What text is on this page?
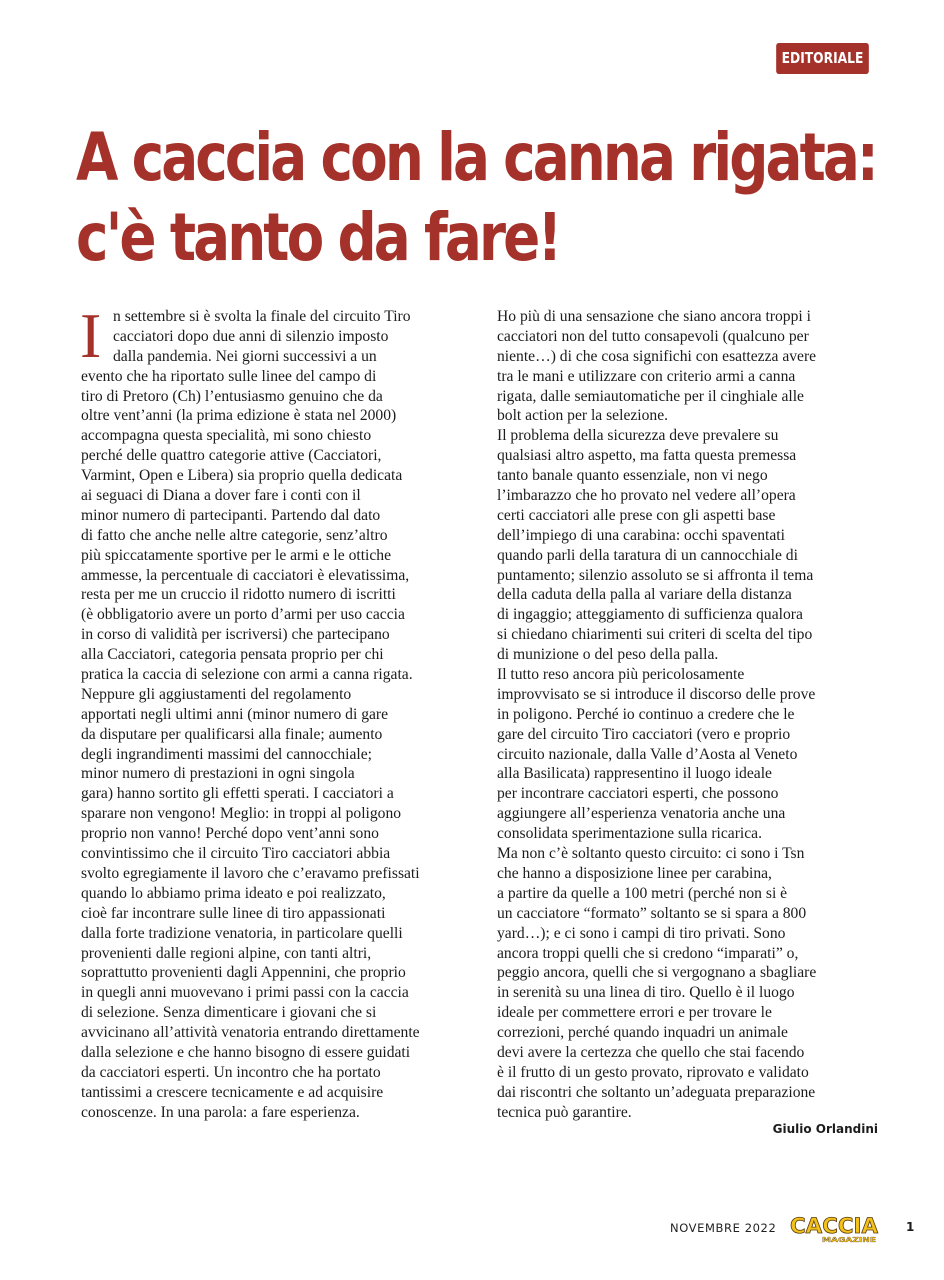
EDITORIALE
A caccia con la canna rigata:
c'è tanto da fare!
I n settembre si è svolta la finale del circuito Tiro
cacciatori dopo due anni di silenzio imposto
dalla pandemia. Nei giorni successivi a un
evento che ha riportato sulle linee del campo di
tiro di Pretoro (Ch) l’entusiasmo genuino che da
oltre vent’anni (la prima edizione è stata nel 2000)
accompagna questa specialità, mi sono chiesto
perché delle quattro categorie attive (Cacciatori,
Varmint, Open e Libera) sia proprio quella dedicata
ai seguaci di Diana a dover fare i conti con il
minor numero di partecipanti. Partendo dal dato
di fatto che anche nelle altre categorie, senz’altro
più spiccatamente sportive per le armi e le ottiche
ammesse, la percentuale di cacciatori è elevatissima,
resta per me un cruccio il ridotto numero di iscritti
(è obbligatorio avere un porto d’armi per uso caccia
in corso di validità per iscriversi) che partecipano
alla Cacciatori, categoria pensata proprio per chi
pratica la caccia di selezione con armi a canna rigata.
Neppure gli aggiustamenti del regolamento
apportati negli ultimi anni (minor numero di gare
da disputare per qualificarsi alla finale; aumento
degli ingrandimenti massimi del cannocchiale;
minor numero di prestazioni in ogni singola
gara) hanno sortito gli effetti sperati. I cacciatori a
sparare non vengono! Meglio: in troppi al poligono
proprio non vanno! Perché dopo vent’anni sono
convintissimo che il circuito Tiro cacciatori abbia
svolto egregiamente il lavoro che c’eravamo prefissati
quando lo abbiamo prima ideato e poi realizzato,
cioè far incontrare sulle linee di tiro appassionati
dalla forte tradizione venatoria, in particolare quelli
provenienti dalle regioni alpine, con tanti altri,
soprattutto provenienti dagli Appennini, che proprio
in quegli anni muovevano i primi passi con la caccia
di selezione. Senza dimenticare i giovani che si
avvicinano all’attività venatoria entrando direttamente
dalla selezione e che hanno bisogno di essere guidati
da cacciatori esperti. Un incontro che ha portato
tantissimi a crescere tecnicamente e ad acquisire
conoscenze. In una parola: a fare esperienza.
Ho più di una sensazione che siano ancora troppi i
cacciatori non del tutto consapevoli (qualcuno per
niente…) di che cosa significhi con esattezza avere
tra le mani e utilizzare con criterio armi a canna
rigata, dalle semiautomatiche per il cinghiale alle
bolt action per la selezione.
Il problema della sicurezza deve prevalere su
qualsiasi altro aspetto, ma fatta questa premessa
tanto banale quanto essenziale, non vi nego
l’imbarazzo che ho provato nel vedere all’opera
certi cacciatori alle prese con gli aspetti base
dell’impiego di una carabina: occhi spaventati
quando parli della taratura di un cannocchiale di
puntamento; silenzio assoluto se si affronta il tema
della caduta della palla al variare della distanza
di ingaggio; atteggiamento di sufficienza qualora
si chiedano chiarimenti sui criteri di scelta del tipo
di munizione o del peso della palla.
Il tutto reso ancora più pericolosamente
improvvisato se si introduce il discorso delle prove
in poligono. Perché io continuo a credere che le
gare del circuito Tiro cacciatori (vero e proprio
circuito nazionale, dalla Valle d’Aosta al Veneto
alla Basilicata) rappresentino il luogo ideale
per incontrare cacciatori esperti, che possono
aggiungere all’esperienza venatoria anche una
consolidata sperimentazione sulla ricarica.
Ma non c’è soltanto questo circuito: ci sono i Tsn
che hanno a disposizione linee per carabina,
a partire da quelle a 100 metri (perché non si è
un cacciatore “formato” soltanto se si spara a 800
yard…); e ci sono i campi di tiro privati. Sono
ancora troppi quelli che si credono “imparati” o,
peggio ancora, quelli che si vergognano a sbagliare
in serenità su una linea di tiro. Quello è il luogo
ideale per commettere errori e per trovare le
correzioni, perché quando inquadri un animale
devi avere la certezza che quello che stai facendo
è il frutto di un gesto provato, riprovato e validato
dai riscontri che soltanto un’adeguata preparazione
tecnica può garantire.
Giulio Orlandini
NOVEMBRE 2022 CACCIA
MAGAZINE
1
